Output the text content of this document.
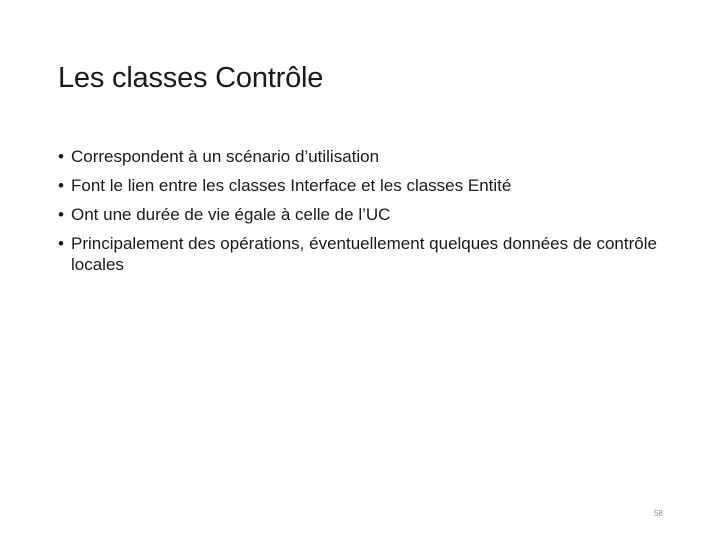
Les classes Contrôle
• Correspondent à un scénario d’utilisation
• Font le lien entre les classes Interface et les classes Entité
• Ont une durée de vie égale à celle de l’UC
• Principalement des opérations, éventuellement quelques données de contrôle locales
58
